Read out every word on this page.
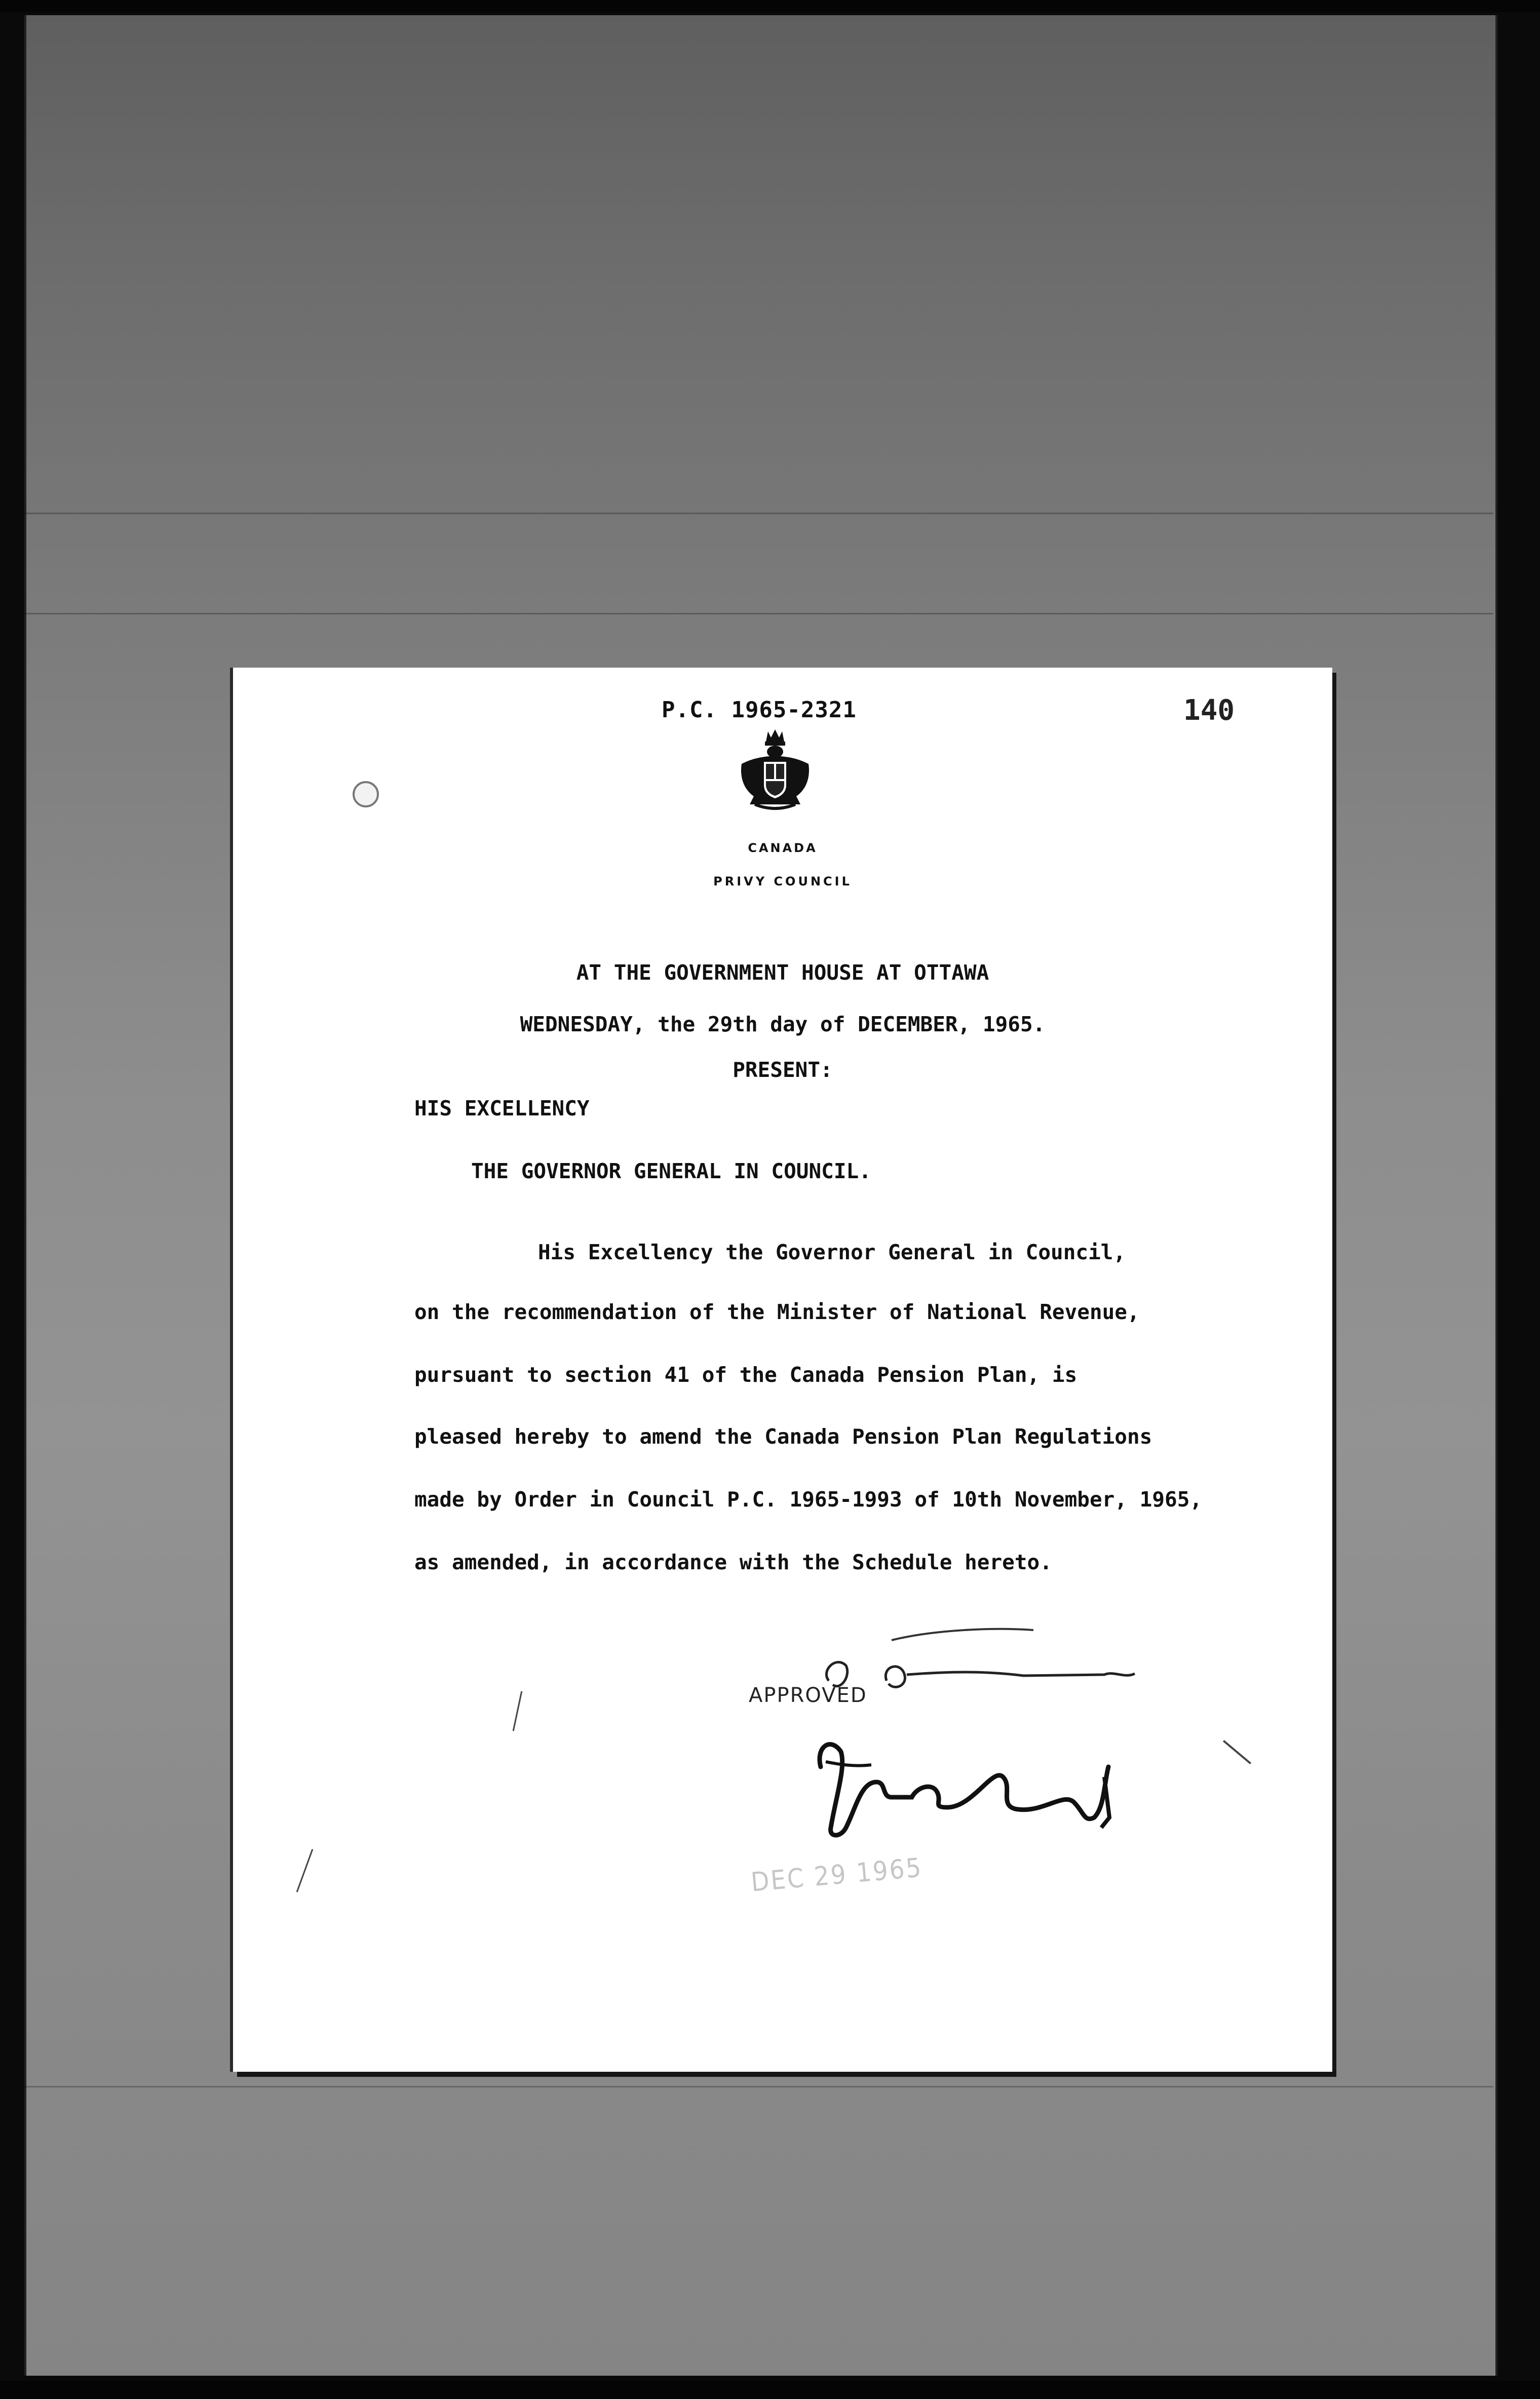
P.C. 1965-2321	140
CANADA
PRIVY COUNCIL
AT THE GOVERNMENT HOUSE AT OTTAWA
WEDNESDAY, the 29th day of DECEMBER, 1965.
PRESENT:
HIS EXCELLENCY
THE GOVERNOR GENERAL IN COUNCIL.
His Excellency the Governor General in Council,
on the recommendation of the Minister of National Revenue,
pursuant to section 41 of the Canada Pension Plan, is
pleased hereby to amend the Canada Pension Plan Regulations
made by Order in Council P.C. 1965-1993 of 10th November, 1965,
as amended, in accordance with the Schedule hereto.
APPROVED
DEC 29 1965
